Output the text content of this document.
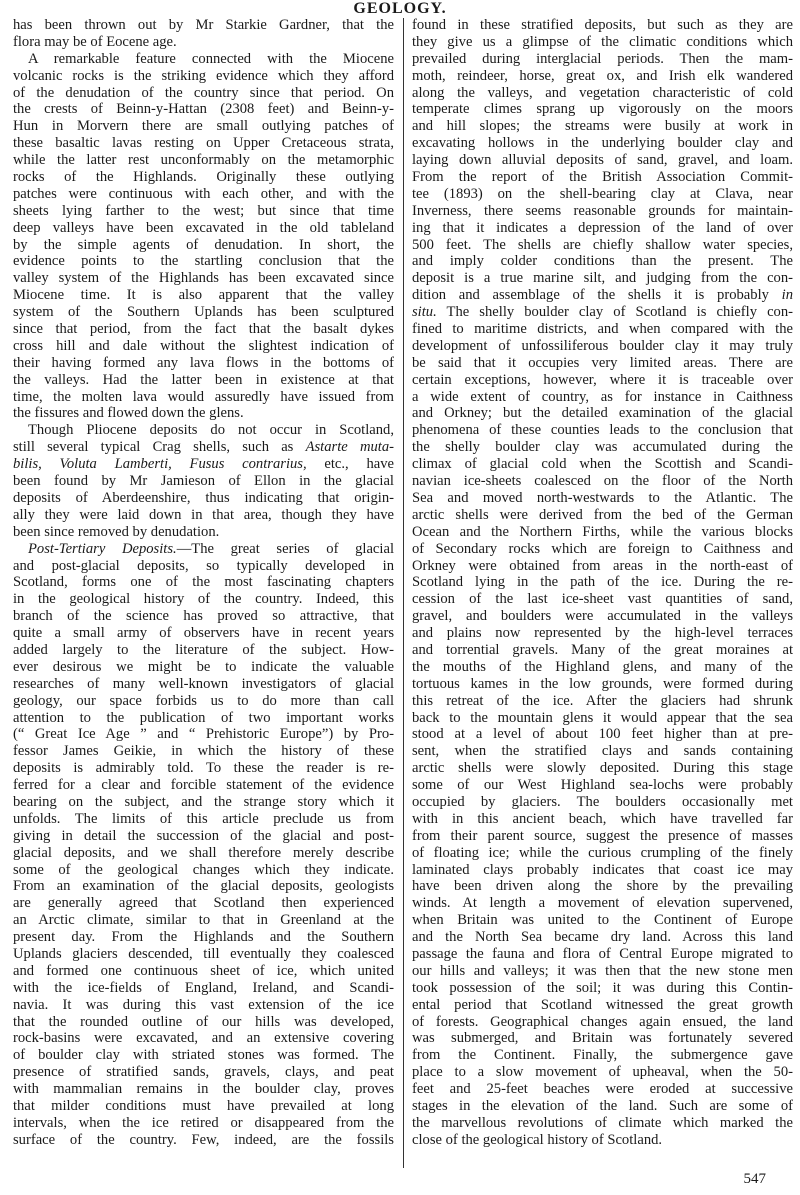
GEOLOGY.
has been thrown out by Mr Starkie Gardner, that the
flora may be of Eocene age.
A remarkable feature connected with the Miocene
volcanic rocks is the striking evidence which they afford
of the denudation of the country since that period. On
the crests of Beinn-y-Hattan (2308 feet) and Beinn-y-
Hun in Morvern there are small outlying patches of
these basaltic lavas resting on Upper Cretaceous strata,
while the latter rest unconformably on the metamorphic
rocks of the Highlands. Originally these outlying
patches were continuous with each other, and with the
sheets lying farther to the west; but since that time
deep valleys have been excavated in the old tableland
by the simple agents of denudation. In short, the
evidence points to the startling conclusion that the
valley system of the Highlands has been excavated since
Miocene time. It is also apparent that the valley
system of the Southern Uplands has been sculptured
since that period, from the fact that the basalt dykes
cross hill and dale without the slightest indication of
their having formed any lava flows in the bottoms of
the valleys. Had the latter been in existence at that
time, the molten lava would assuredly have issued from
the fissures and flowed down the glens.
Though Pliocene deposits do not occur in Scotland,
still several typical Crag shells, such as Astarte muta-
bilis, Voluta Lamberti, Fusus contrarius, etc., have
been found by Mr Jamieson of Ellon in the glacial
deposits of Aberdeenshire, thus indicating that origin-
ally they were laid down in that area, though they have
been since removed by denudation.
Post-Tertiary Deposits.—The great series of glacial
and post-glacial deposits, so typically developed in
Scotland, forms one of the most fascinating chapters
in the geological history of the country. Indeed, this
branch of the science has proved so attractive, that
quite a small army of observers have in recent years
added largely to the literature of the subject. How-
ever desirous we might be to indicate the valuable
researches of many well-known investigators of glacial
geology, our space forbids us to do more than call
attention to the publication of two important works
(“ Great Ice Age ” and “ Prehistoric Europe”) by Pro-
fessor James Geikie, in which the history of these
deposits is admirably told. To these the reader is re-
ferred for a clear and forcible statement of the evidence
bearing on the subject, and the strange story which it
unfolds. The limits of this article preclude us from
giving in detail the succession of the glacial and post-
glacial deposits, and we shall therefore merely describe
some of the geological changes which they indicate.
From an examination of the glacial deposits, geologists
are generally agreed that Scotland then experienced
an Arctic climate, similar to that in Greenland at the
present day. From the Highlands and the Southern
Uplands glaciers descended, till eventually they coalesced
and formed one continuous sheet of ice, which united
with the ice-fields of England, Ireland, and Scandi-
navia. It was during this vast extension of the ice
that the rounded outline of our hills was developed,
rock-basins were excavated, and an extensive covering
of boulder clay with striated stones was formed. The
presence of stratified sands, gravels, clays, and peat
with mammalian remains in the boulder clay, proves
that milder conditions must have prevailed at long
intervals, when the ice retired or disappeared from the
surface of the country. Few, indeed, are the fossils
found in these stratified deposits, but such as they are
they give us a glimpse of the climatic conditions which
prevailed during interglacial periods. Then the mam-
moth, reindeer, horse, great ox, and Irish elk wandered
along the valleys, and vegetation characteristic of cold
temperate climes sprang up vigorously on the moors
and hill slopes; the streams were busily at work in
excavating hollows in the underlying boulder clay and
laying down alluvial deposits of sand, gravel, and loam.
From the report of the British Association Commit-
tee (1893) on the shell-bearing clay at Clava, near
Inverness, there seems reasonable grounds for maintain-
ing that it indicates a depression of the land of over
500 feet. The shells are chiefly shallow water species,
and imply colder conditions than the present. The
deposit is a true marine silt, and judging from the con-
dition and assemblage of the shells it is probably in
situ. The shelly boulder clay of Scotland is chiefly con-
fined to maritime districts, and when compared with the
development of unfossiliferous boulder clay it may truly
be said that it occupies very limited areas. There are
certain exceptions, however, where it is traceable over
a wide extent of country, as for instance in Caithness
and Orkney; but the detailed examination of the glacial
phenomena of these counties leads to the conclusion that
the shelly boulder clay was accumulated during the
climax of glacial cold when the Scottish and Scandi-
navian ice-sheets coalesced on the floor of the North
Sea and moved north-westwards to the Atlantic. The
arctic shells were derived from the bed of the German
Ocean and the Northern Firths, while the various blocks
of Secondary rocks which are foreign to Caithness and
Orkney were obtained from areas in the north-east of
Scotland lying in the path of the ice. During the re-
cession of the last ice-sheet vast quantities of sand,
gravel, and boulders were accumulated in the valleys
and plains now represented by the high-level terraces
and torrential gravels. Many of the great moraines at
the mouths of the Highland glens, and many of the
tortuous kames in the low grounds, were formed during
this retreat of the ice. After the glaciers had shrunk
back to the mountain glens it would appear that the sea
stood at a level of about 100 feet higher than at pre-
sent, when the stratified clays and sands containing
arctic shells were slowly deposited. During this stage
some of our West Highland sea-lochs were probably
occupied by glaciers. The boulders occasionally met
with in this ancient beach, which have travelled far
from their parent source, suggest the presence of masses
of floating ice; while the curious crumpling of the finely
laminated clays probably indicates that coast ice may
have been driven along the shore by the prevailing
winds. At length a movement of elevation supervened,
when Britain was united to the Continent of Europe
and the North Sea became dry land. Across this land
passage the fauna and flora of Central Europe migrated to
our hills and valleys; it was then that the new stone men
took possession of the soil; it was during this Contin-
ental period that Scotland witnessed the great growth
of forests. Geographical changes again ensued, the land
was submerged, and Britain was fortunately severed
from the Continent. Finally, the submergence gave
place to a slow movement of upheaval, when the 50-
feet and 25-feet beaches were eroded at successive
stages in the elevation of the land. Such are some of
the marvellous revolutions of climate which marked the
close of the geological history of Scotland.
547
